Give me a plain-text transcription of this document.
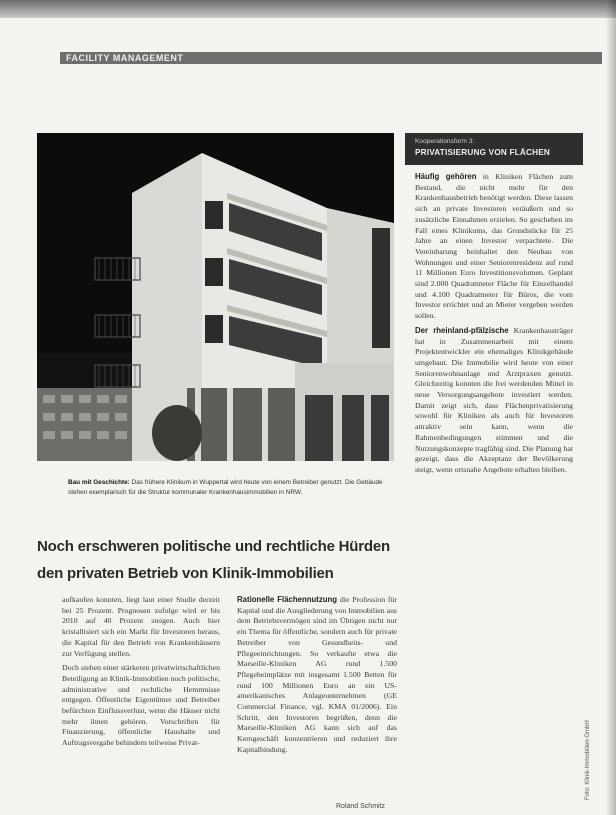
FACILITY MANAGEMENT
Bau mit Geschichte: Das frühere Klinikum in Wuppertal wird heute von einem Betreiber genutzt. Die Gebäude stehen exemplarisch für die Struktur kommunaler Krankenhausimmobilien in NRW.
Noch erschweren politische und rechtliche Hürden
den privaten Betrieb von Klinik-Immobilien

aufkaufen konnten, liegt laut einer Studie derzeit bei 25 Prozent. Prognosen zufolge wird er bis 2010 auf 40 Prozent steigen. Auch hier kristallisiert sich ein Markt für Investoren heraus, die Kapital für den Betrieb von Krankenhäusern zur Verfügung stellen.

Doch stehen einer stärkeren privatwirtschaftlichen Beteiligung an Klinik-Immobilien noch politische, administrative und rechtliche Hemmnisse entgegen. Öffentliche Eigentümer und Betreiber befürchten Einflussverlust, wenn die Häuser nicht mehr ihnen gehören. Vorschriften für Finanzierung, öffentliche Haushalte und Auftragsvergabe behindern teilweise Privat-

Rationelle Flächennutzung die Profession für Kapital und die Ausgliederung von Immobilien aus dem Betriebsvermögen sind im Übrigen nicht nur ein Thema für öffentliche, sondern auch für private Betreiber von Gesundheits- und Pflegeeinrichtungen. So verkaufte etwa die Marseille-Kliniken AG rund 1.500 Pflegeheimplätze mit insgesamt 1.500 Betten für rund 100 Millionen Euro an ein US-amerikanisches Anlageunternehmen (GE Commercial Finance, vgl. KMA 01/2006). Ein Schritt, den Investoren begrüßen, denn die Marseille-Kliniken AG kann sich auf das Kerngeschäft konzentrieren und reduziert ihre Kapitalbindung.

Roland Schmitz
Kooperationsform 3:
PRIVATISIERUNG VON FLÄCHEN

Häufig gehören in Kliniken Flächen zum Bestand, die nicht mehr für den Krankenhausbetrieb benötigt werden. Diese lassen sich an private Investoren veräußern und so zusätzliche Einnahmen erzielen. So geschehen im Fall eines Klinikums, das Grundstücke für 25 Jahre an einen Investor verpachtete. Die Vereinbarung beinhaltet den Neubau von Wohnungen und einer Seniorenresidenz auf rund 11 Millionen Euro Investitionsvolumen. Geplant sind 2.000 Quadratmeter Fläche für Einzelhandel und 4.100 Quadratmeter für Büros, die vom Investor errichtet und an Mieter vergeben werden sollen.

Der rheinland-pfälzische Krankenhausträger hat in Zusammenarbeit mit einem Projektentwickler ein ehemaliges Klinikgebäude umgebaut. Die Immobilie wird heute von einer Seniorenwohnanlage und Arztpraxen genutzt. Gleichzeitig konnten die frei werdenden Mittel in neue Versorgungsangebote investiert werden. Damit zeigt sich, dass Flächenprivatisierung sowohl für Kliniken als auch für Investoren attraktiv sein kann, wenn die Rahmenbedingungen stimmen und die Nutzungskonzepte tragfähig sind. Die Planung hat gezeigt, dass die Akzeptanz der Bevölkerung steigt, wenn ortsnahe Angebote erhalten bleiben.

Foto: Klinik-Immobilien GmbH
